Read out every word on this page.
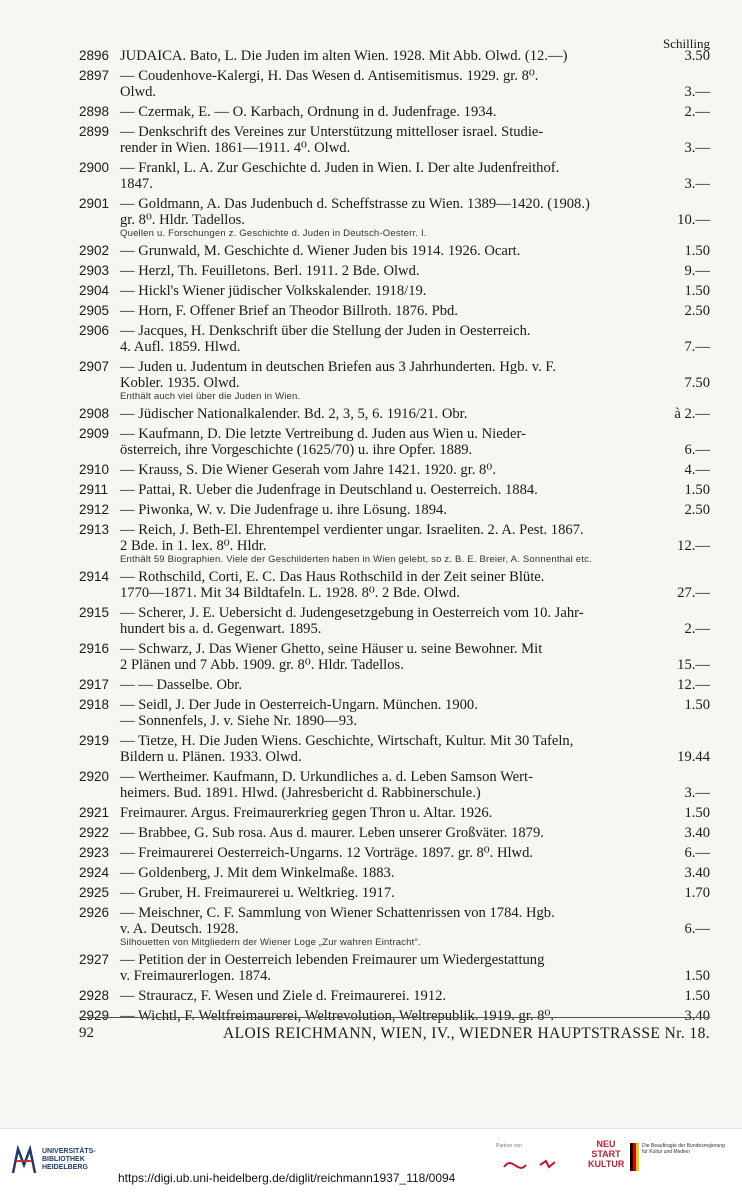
Schilling
2896 JUDAICA. Bato, L. Die Juden im alten Wien. 1928. Mit Abb. Olwd. (12.—)	3.50
2897 — Coudenhove-Kalergi, H. Das Wesen d. Antisemitismus. 1929. gr. 8⁰.
Olwd.	3.—
2898 — Czermak, E. — O. Karbach, Ordnung in d. Judenfrage. 1934.	2.—
2899 — Denkschrift des Vereines zur Unterstützung mittelloser israel. Studie-
render in Wien. 1861—1911. 4⁰. Olwd.	3.—
2900 — Frankl, L. A. Zur Geschichte d. Juden in Wien. I. Der alte Judenfreithof.
1847.	3.—
2901 — Goldmann, A. Das Judenbuch d. Scheffstrasse zu Wien. 1389—1420. (1908.)
gr. 8⁰. Hldr. Tadellos.	10.—
Quellen u. Forschungen z. Geschichte d. Juden in Deutsch-Oesterr. I.
2902 — Grunwald, M. Geschichte d. Wiener Juden bis 1914. 1926. Ocart.	1.50
2903 — Herzl, Th. Feuilletons. Berl. 1911. 2 Bde. Olwd.	9.—
2904 — Hickl's Wiener jüdischer Volkskalender. 1918/19.	1.50
2905 — Horn, F. Offener Brief an Theodor Billroth. 1876. Pbd.	2.50
2906 — Jacques, H. Denkschrift über die Stellung der Juden in Oesterreich.
4. Aufl. 1859. Hlwd.	7.—
2907 — Juden u. Judentum in deutschen Briefen aus 3 Jahrhunderten. Hgb. v. F.
Kobler. 1935. Olwd.	7.50
Enthält auch viel über die Juden in Wien.
2908 — Jüdischer Nationalkalender. Bd. 2, 3, 5, 6. 1916/21. Obr.	à 2.—
2909 — Kaufmann, D. Die letzte Vertreibung d. Juden aus Wien u. Nieder-
österreich, ihre Vorgeschichte (1625/70) u. ihre Opfer. 1889.	6.—
2910 — Krauss, S. Die Wiener Geserah vom Jahre 1421. 1920. gr. 8⁰.	4.—
2911 — Pattai, R. Ueber die Judenfrage in Deutschland u. Oesterreich. 1884.	1.50
2912 — Piwonka, W. v. Die Judenfrage u. ihre Lösung. 1894.	2.50
2913 — Reich, J. Beth-El. Ehrentempel verdienter ungar. Israeliten. 2. A. Pest. 1867.
2 Bde. in 1. lex. 8⁰. Hldr.	12.—
Enthält 59 Biographien. Viele der Geschilderten haben in Wien gelebt, so z. B. E. Breier, A. Sonnenthal etc.
2914 — Rothschild, Corti, E. C. Das Haus Rothschild in der Zeit seiner Blüte.
1770—1871. Mit 34 Bildtafeln. L. 1928. 8⁰. 2 Bde. Olwd.	27.—
2915 — Scherer, J. E. Uebersicht d. Judengesetzgebung in Oesterreich vom 10. Jahr-
hundert bis a. d. Gegenwart. 1895.	2.—
2916 — Schwarz, J. Das Wiener Ghetto, seine Häuser u. seine Bewohner. Mit
2 Plänen und 7 Abb. 1909. gr. 8⁰. Hldr. Tadellos.	15.—
2917 — — Dasselbe. Obr.	12.—
2918 — Seidl, J. Der Jude in Oesterreich-Ungarn. München. 1900.	1.50
— Sonnenfels, J. v. Siehe Nr. 1890—93.
2919 — Tietze, H. Die Juden Wiens. Geschichte, Wirtschaft, Kultur. Mit 30 Tafeln,
Bildern u. Plänen. 1933. Olwd.	19.44
2920 — Wertheimer. Kaufmann, D. Urkundliches a. d. Leben Samson Wert-
heimers. Bud. 1891. Hlwd. (Jahresbericht d. Rabbinerschule.)	3.—
2921 Freimaurer. Argus. Freimaurerkrieg gegen Thron u. Altar. 1926.	1.50
2922 — Brabbee, G. Sub rosa. Aus d. maurer. Leben unserer Großväter. 1879.	3.40
2923 — Freimaurerei Oesterreich-Ungarns. 12 Vorträge. 1897. gr. 8⁰. Hlwd.	6.—
2924 — Goldenberg, J. Mit dem Winkelmaße. 1883.	3.40
2925 — Gruber, H. Freimaurerei u. Weltkrieg. 1917.	1.70
2926 — Meischner, C. F. Sammlung von Wiener Schattenrissen von 1784. Hgb.
v. A. Deutsch. 1928.	6.—
Silhouetten von Mitgliedern der Wiener Loge „Zur wahren Eintracht“.
2927 — Petition der in Oesterreich lebenden Freimaurer um Wiedergestattung
v. Freimaurerlogen. 1874.	1.50
2928 — Strauracz, F. Wesen und Ziele d. Freimaurerei. 1912.	1.50
2929 — Wichtl, F. Weltfreimaurerei, Weltrevolution, Weltrepublik. 1919. gr. 8⁰.	3.40
92	ALOIS REICHMANN, WIEN, IV., WIEDNER HAUPTSTRASSE Nr. 18.
UNIVERSITÄTS-
BIBLIOTHEK
HEIDELBERG
https://digi.ub.uni-heidelberg.de/diglit/reichmann1937_118/0094
Partner von	NEU
START
KULTUR
Die Beauftragte der Bundesregierung für Kultur und Medien
